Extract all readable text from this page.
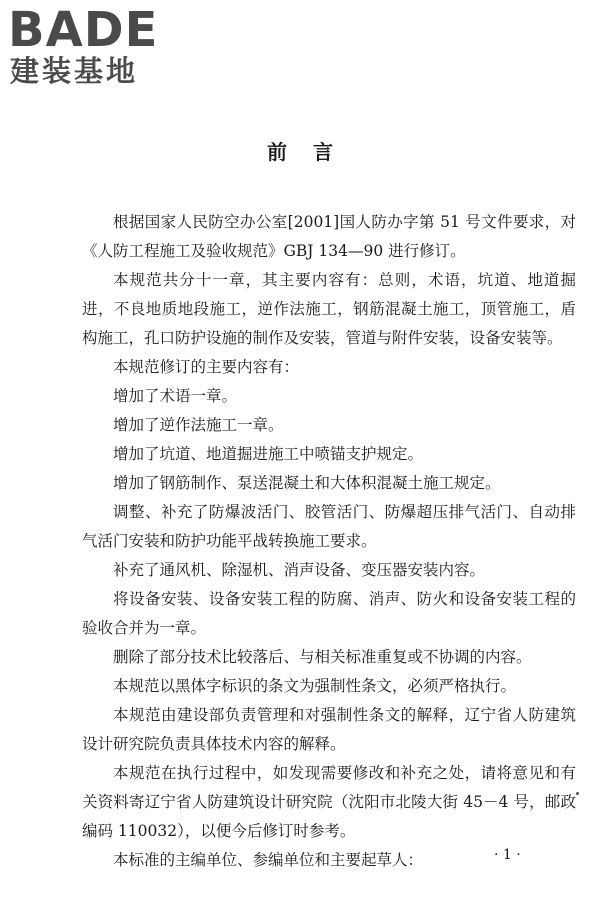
BADE
建装基地
前言

根据国家人民防空办公室[2001]国人防办字第 51 号文件要求，对《人防工程施工及验收规范》GBJ 134—90 进行修订。

本规范共分十一章，其主要内容有：总则，术语，坑道、地道掘进，不良地质地段施工，逆作法施工，钢筋混凝土施工，顶管施工，盾构施工，孔口防护设施的制作及安装，管道与附件安装，设备安装等。

本规范修订的主要内容有：

增加了术语一章。

增加了逆作法施工一章。

增加了坑道、地道掘进施工中喷锚支护规定。

增加了钢筋制作、泵送混凝土和大体积混凝土施工规定。

调整、补充了防爆波活门、胶管活门、防爆超压排气活门、自动排气活门安装和防护功能平战转换施工要求。

补充了通风机、除湿机、消声设备、变压器安装内容。

将设备安装、设备安装工程的防腐、消声、防火和设备安装工程的验收合并为一章。

删除了部分技术比较落后、与相关标准重复或不协调的内容。

本规范以黑体字标识的条文为强制性条文，必须严格执行。

本规范由建设部负责管理和对强制性条文的解释，辽宁省人防建筑设计研究院负责具体技术内容的解释。

本规范在执行过程中，如发现需要修改和补充之处，请将意见和有关资料寄辽宁省人防建筑设计研究院（沈阳市北陵大街 45－4 号，邮政编码 110032），以便今后修订时参考。

本标准的主编单位、参编单位和主要起草人：	· 1 ·
